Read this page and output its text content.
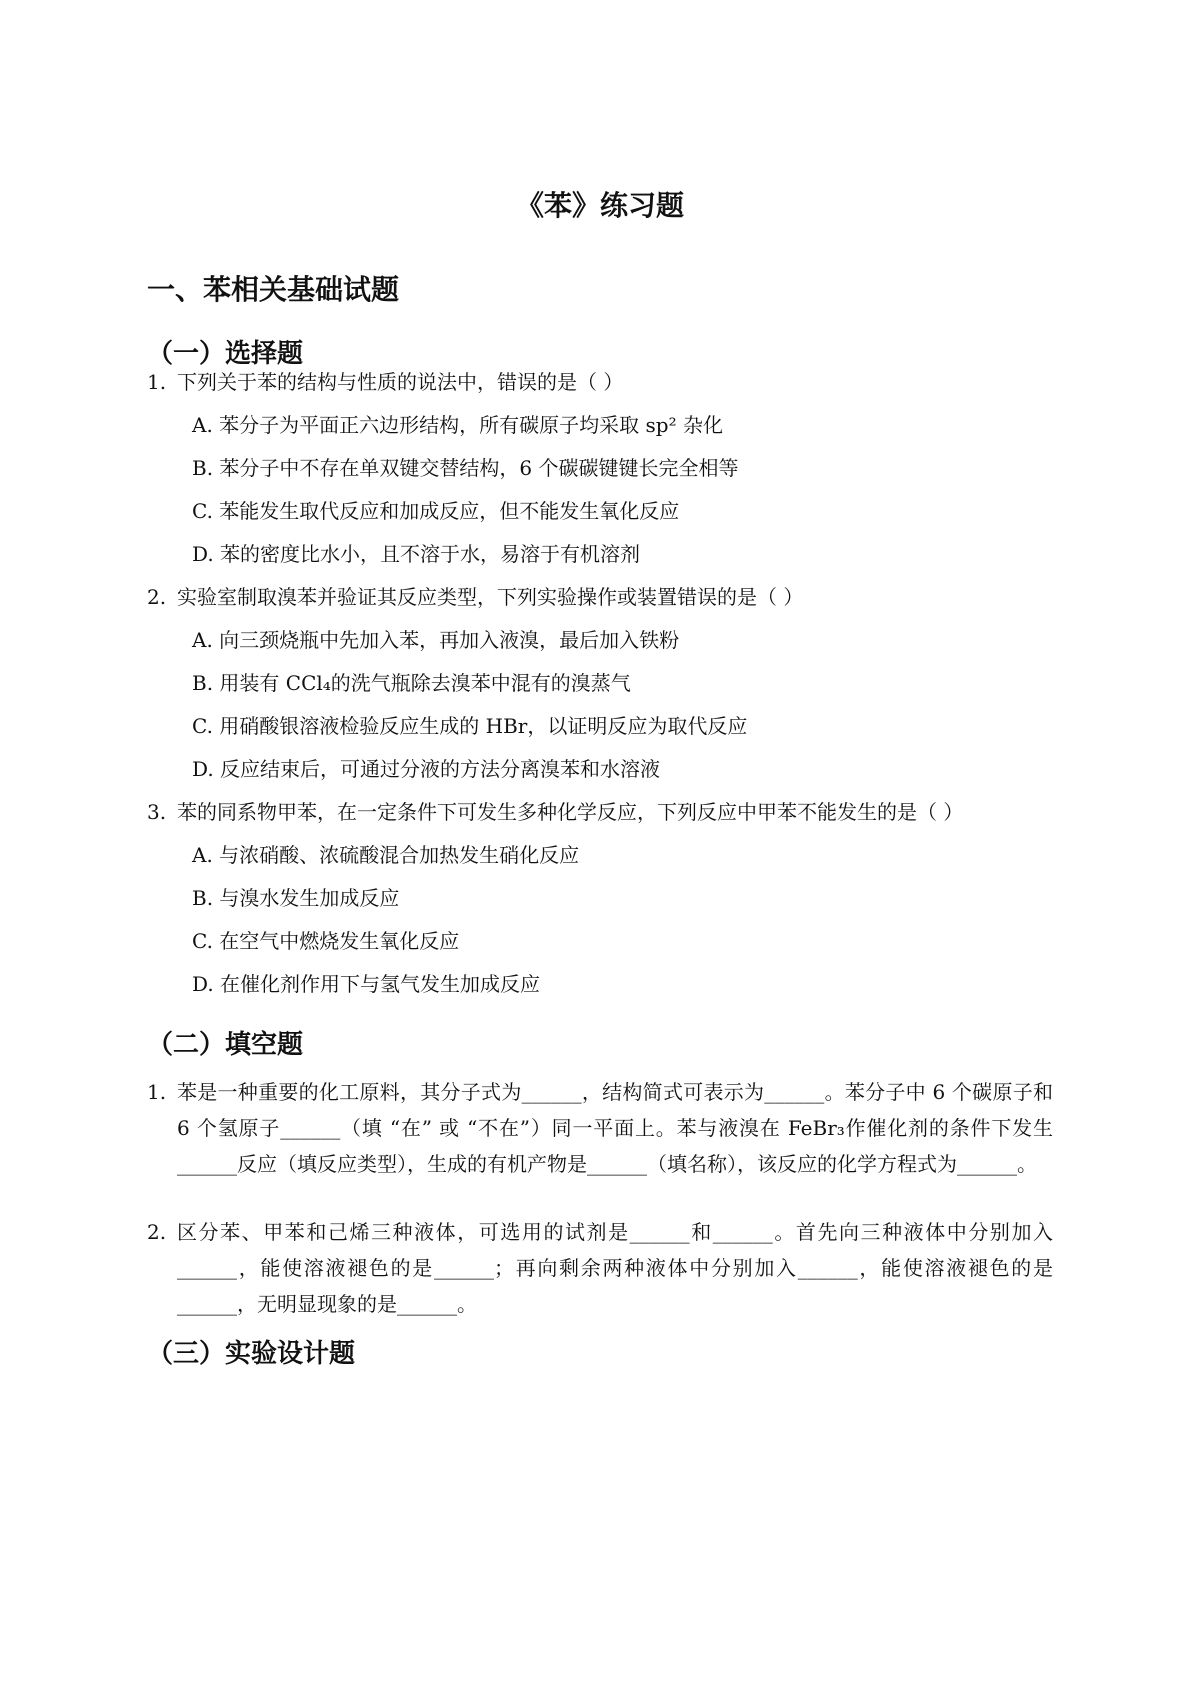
《苯》练习题
一、苯相关基础试题
（一）选择题
1. 下列关于苯的结构与性质的说法中，错误的是（ ）
A. 苯分子为平面正六边形结构，所有碳原子均采取 sp² 杂化
B. 苯分子中不存在单双键交替结构，6 个碳碳键键长完全相等
C. 苯能发生取代反应和加成反应，但不能发生氧化反应
D. 苯的密度比水小，且不溶于水，易溶于有机溶剂
2. 实验室制取溴苯并验证其反应类型，下列实验操作或装置错误的是（ ）
A. 向三颈烧瓶中先加入苯，再加入液溴，最后加入铁粉
B. 用装有 CCl₄的洗气瓶除去溴苯中混有的溴蒸气
C. 用硝酸银溶液检验反应生成的 HBr，以证明反应为取代反应
D. 反应结束后，可通过分液的方法分离溴苯和水溶液
3. 苯的同系物甲苯，在一定条件下可发生多种化学反应，下列反应中甲苯不能发生的是（ ）
A. 与浓硝酸、浓硫酸混合加热发生硝化反应
B. 与溴水发生加成反应
C. 在空气中燃烧发生氧化反应
D. 在催化剂作用下与氢气发生加成反应
（二）填空题
1. 苯是一种重要的化工原料，其分子式为______，结构简式可表示为______。苯分子中 6 个碳原子和 6 个氢原子______（填 “在” 或 “不在”）同一平面上。苯与液溴在 FeBr₃作催化剂的条件下发生______反应（填反应类型），生成的有机产物是______（填名称），该反应的化学方程式为______。
2. 区分苯、甲苯和己烯三种液体，可选用的试剂是______和______。首先向三种液体中分别加入______，能使溶液褪色的是______；再向剩余两种液体中分别加入______，能使溶液褪色的是______，无明显现象的是______。
（三）实验设计题
